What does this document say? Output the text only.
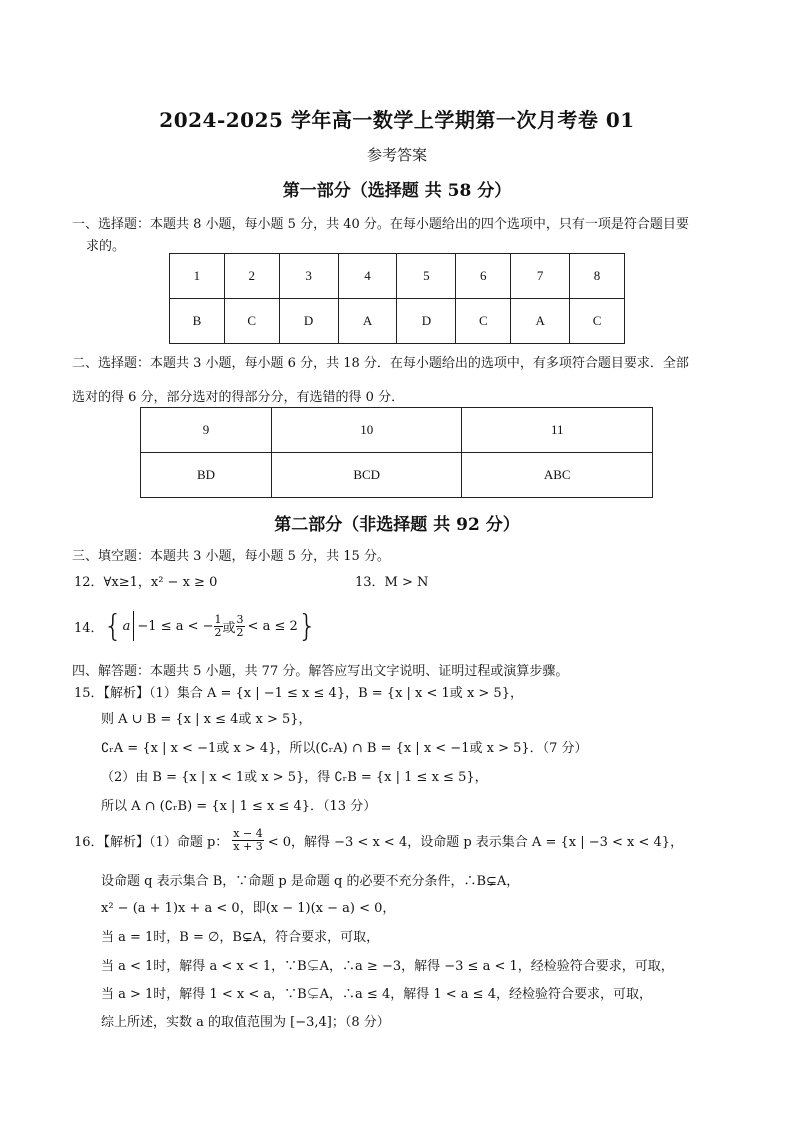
2024-2025 学年高一数学上学期第一次月考卷 01
参考答案
第一部分（选择题 共 58 分）
一、选择题：本题共 8 小题，每小题 5 分，共 40 分。在每小题给出的四个选项中，只有一项是符合题目要
求的。
1	2	3	4	5	6	7	8
B	C	D	A	D	C	A	C
二、选择题：本题共 3 小题，每小题 6 分，共 18 分．在每小题给出的选项中，有多项符合题目要求．全部
选对的得 6 分，部分选对的得部分分，有选错的得 0 分．
9	10	11
BD	BCD	ABC
第二部分（非选择题 共 92 分）
三、填空题：本题共 3 小题，每小题 5 分，共 15 分。
12．∀x≥1，x² − x ≥ 0	13．M > N
14． { a −1 ≤ a < − $\frac{1}{2}$ 或 $\frac{3}{2} < a \le 2$ }
四、解答题：本题共 5 小题，共 77 分。解答应写出文字说明、证明过程或演算步骤。
15．【解析】（1）集合 A = {x | −1 ≤ x ≤ 4}，B = {x | x < 1或 x > 5}，
则 A ∪ B = {x | x ≤ 4或 x > 5}，
∁ᵣA = {x | x < −1或 x > 4}，所以(∁ᵣA) ∩ B = {x | x < −1或 x > 5}．（7 分）
（2）由 B = {x | x < 1或 x > 5}，得 ∁ᵣB = {x | 1 ≤ x ≤ 5}，
所以 A ∩ (∁ᵣB) = {x | 1 ≤ x ≤ 4}．（13 分）
16．【解析】（1）命题 p： $\frac{x - 4}{x + 3} < 0$，解得 −3 < x < 4，设命题 p 表示集合 A = {x | −3 < x < 4}，
设命题 q 表示集合 B，∵命题 p 是命题 q 的必要不充分条件，∴B⊊A，
x² − (a + 1)x + a < 0，即(x − 1)(x − a) < 0，
当 a = 1时，B = ∅，B⊊A，符合要求，可取，
当 a < 1时，解得 a < x < 1，∵B⊊A，∴a ≥ −3，解得 −3 ≤ a < 1，经检验符合要求，可取，
当 a > 1时，解得 1 < x < a，∵B⊊A，∴a ≤ 4，解得 1 < a ≤ 4，经检验符合要求，可取，
综上所述，实数 a 的取值范围为 [−3,4]；（8 分）
